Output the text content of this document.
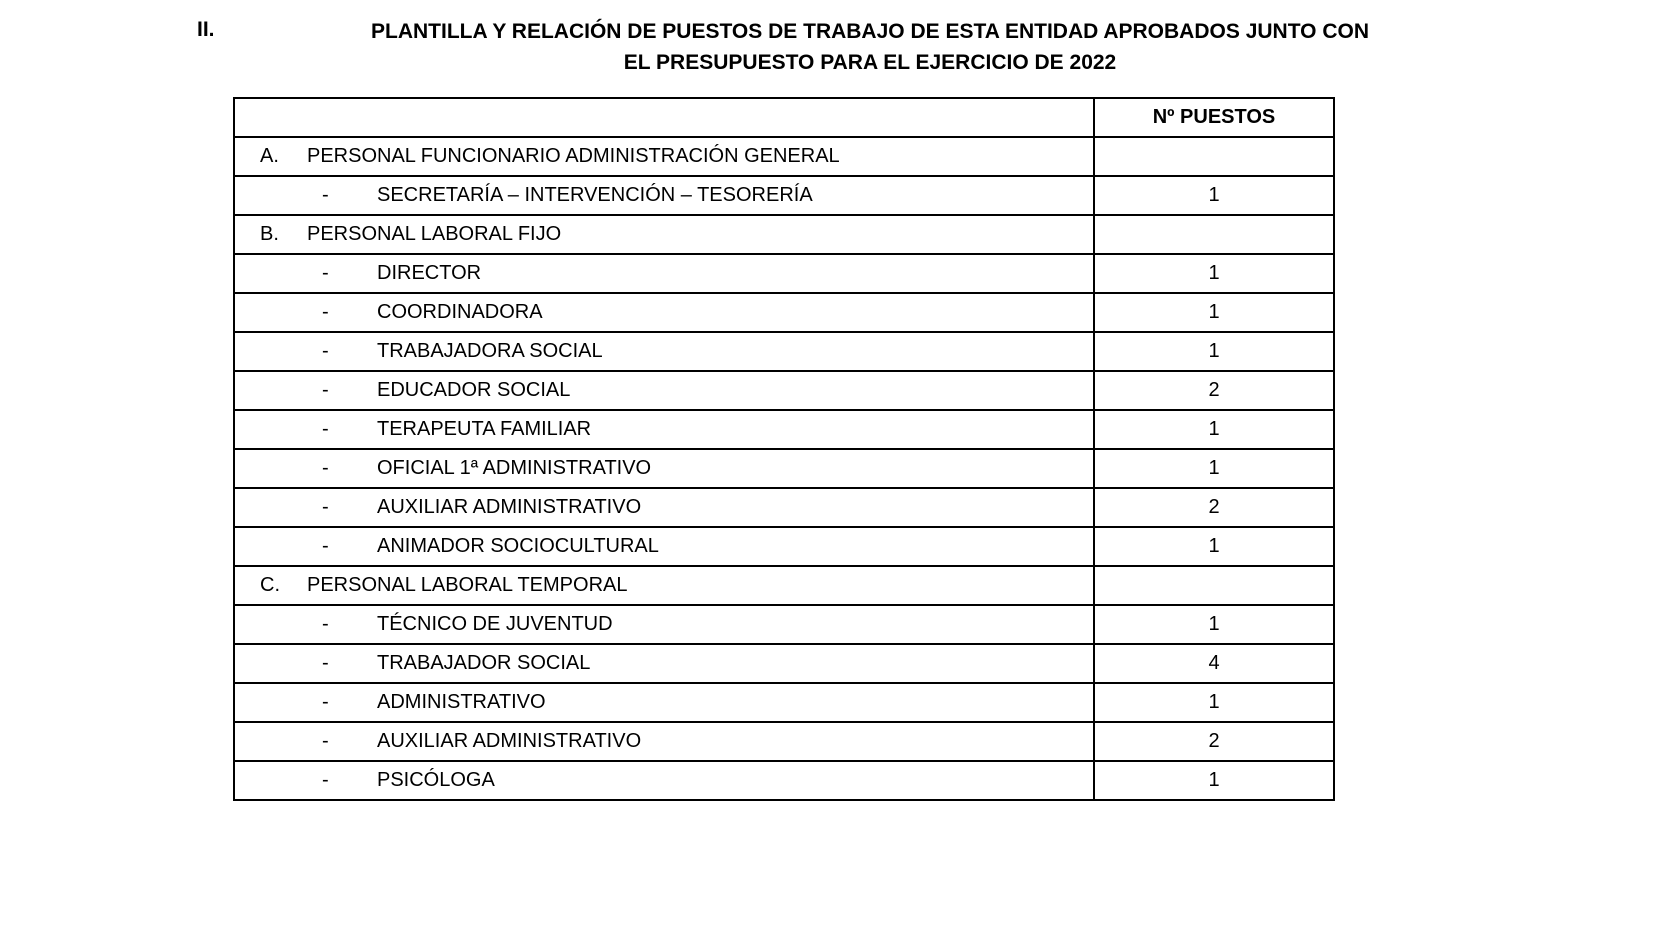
II.	PLANTILLA Y RELACIÓN DE PUESTOS DE TRABAJO DE ESTA ENTIDAD APROBADOS JUNTO CON
EL PRESUPUESTO PARA EL EJERCICIO DE 2022
	Nº PUESTOS
A. PERSONAL FUNCIONARIO ADMINISTRACIÓN GENERAL	
- SECRETARÍA – INTERVENCIÓN – TESORERÍA	1
B. PERSONAL LABORAL FIJO	
- DIRECTOR	1
- COORDINADORA	1
- TRABAJADORA SOCIAL	1
- EDUCADOR SOCIAL	2
- TERAPEUTA FAMILIAR	1
- OFICIAL 1ª ADMINISTRATIVO	1
- AUXILIAR ADMINISTRATIVO	2
- ANIMADOR SOCIOCULTURAL	1
C. PERSONAL LABORAL TEMPORAL	
- TÉCNICO DE JUVENTUD	1
- TRABAJADOR SOCIAL	4
- ADMINISTRATIVO	1
- AUXILIAR ADMINISTRATIVO	2
- PSICÓLOGA	1
